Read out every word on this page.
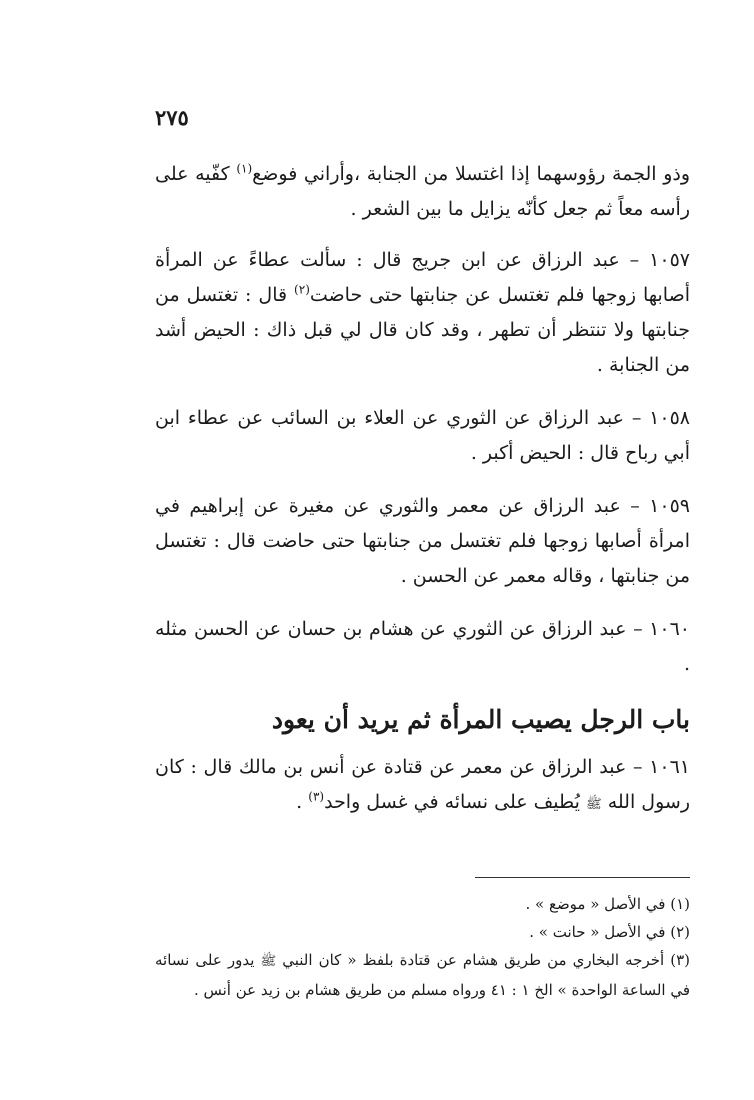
٢٧٥

وذو الجمة رؤوسهما إذا اغتسلا من الجنابة ،وأراني فوضع$^{(١)}$ كفّيه على رأسه معاً ثم جعل كأنّه يزايل ما بين الشعر .

١٠٥٧ – عبد الرزاق عن ابن جريج قال : سألت عطاءً عن المرأة أصابها زوجها فلم تغتسل عن جنابتها حتى حاضت$^{(٢)}$ قال : تغتسل من جنابتها ولا تنتظر أن تطهر ، وقد كان قال لي قبل ذاك : الحيض أشد من الجنابة .

١٠٥٨ – عبد الرزاق عن الثوري عن العلاء بن السائب عن عطاء ابن أبي رباح قال : الحيض أكبر .

١٠٥٩ – عبد الرزاق عن معمر والثوري عن مغيرة عن إبراهيم في امرأة أصابها زوجها فلم تغتسل من جنابتها حتى حاضت قال : تغتسل من جنابتها ، وقاله معمر عن الحسن .

١٠٦٠ – عبد الرزاق عن الثوري عن هشام بن حسان عن الحسن مثله .

باب الرجل يصيب المرأة ثم يريد أن يعود

١٠٦١ – عبد الرزاق عن معمر عن قتادة عن أنس بن مالك قال : كان رسول الله ﷺ يُطيف على نسائه في غسل واحد$^{(٣)}$ .

(١) في الأصل « موضع » .

(٢) في الأصل « حانت » .

(٣) أخرجه البخاري من طريق هشام عن قتادة بلفظ « كان النبي ﷺ يدور على نسائه في الساعة الواحدة » الخ ١ : ٤١ ورواه مسلم من طريق هشام بن زيد عن أنس .
